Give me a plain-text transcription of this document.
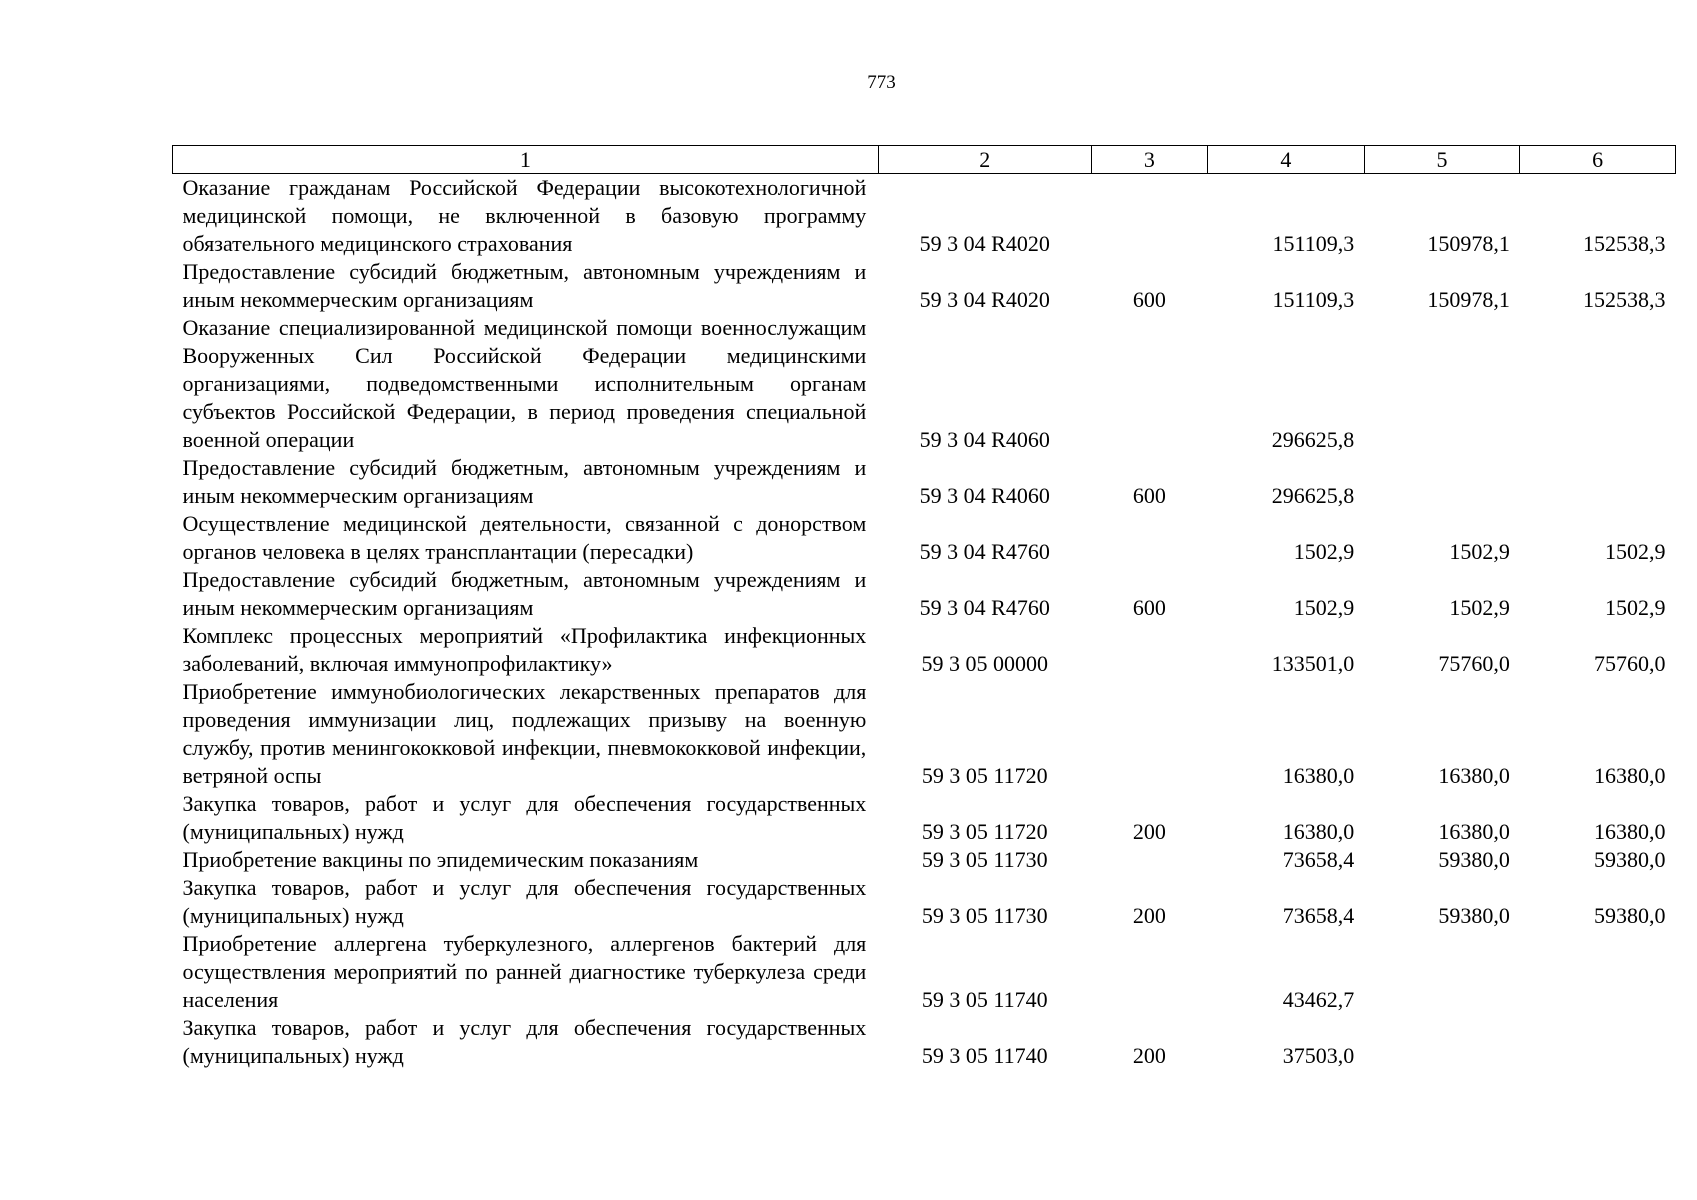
773
1	2	3	4	5	6
Оказание гражданам Российской Федерации высокотехнологичной медицинской помощи, не включенной в базовую программу обязательного медицинского страхования	59 3 04 R4020		151109,3	150978,1	152538,3
Предоставление субсидий бюджетным, автономным учреждениям и иным некоммерческим организациям	59 3 04 R4020	600	151109,3	150978,1	152538,3
Оказание специализированной медицинской помощи военнослужащим Вооруженных Сил Российской Федерации медицинскими организациями, подведомственными исполнительным органам субъектов Российской Федерации, в период проведения специальной военной операции	59 3 04 R4060		296625,8		
Предоставление субсидий бюджетным, автономным учреждениям и иным некоммерческим организациям	59 3 04 R4060	600	296625,8		
Осуществление медицинской деятельности, связанной с донорством органов человека в целях трансплантации (пересадки)	59 3 04 R4760		1502,9	1502,9	1502,9
Предоставление субсидий бюджетным, автономным учреждениям и иным некоммерческим организациям	59 3 04 R4760	600	1502,9	1502,9	1502,9
Комплекс процессных мероприятий «Профилактика инфекционных заболеваний, включая иммунопрофилактику»	59 3 05 00000		133501,0	75760,0	75760,0
Приобретение иммунобиологических лекарственных препаратов для проведения иммунизации лиц, подлежащих призыву на военную службу, против менингококковой инфекции, пневмококковой инфекции, ветряной оспы	59 3 05 11720		16380,0	16380,0	16380,0
Закупка товаров, работ и услуг для обеспечения государственных (муниципальных) нужд	59 3 05 11720	200	16380,0	16380,0	16380,0
Приобретение вакцины по эпидемическим показаниям	59 3 05 11730		73658,4	59380,0	59380,0
Закупка товаров, работ и услуг для обеспечения государственных (муниципальных) нужд	59 3 05 11730	200	73658,4	59380,0	59380,0
Приобретение аллергена туберкулезного, аллергенов бактерий для осуществления мероприятий по ранней диагностике туберкулеза среди населения	59 3 05 11740		43462,7		
Закупка товаров, работ и услуг для обеспечения государственных (муниципальных) нужд	59 3 05 11740	200	37503,0		
